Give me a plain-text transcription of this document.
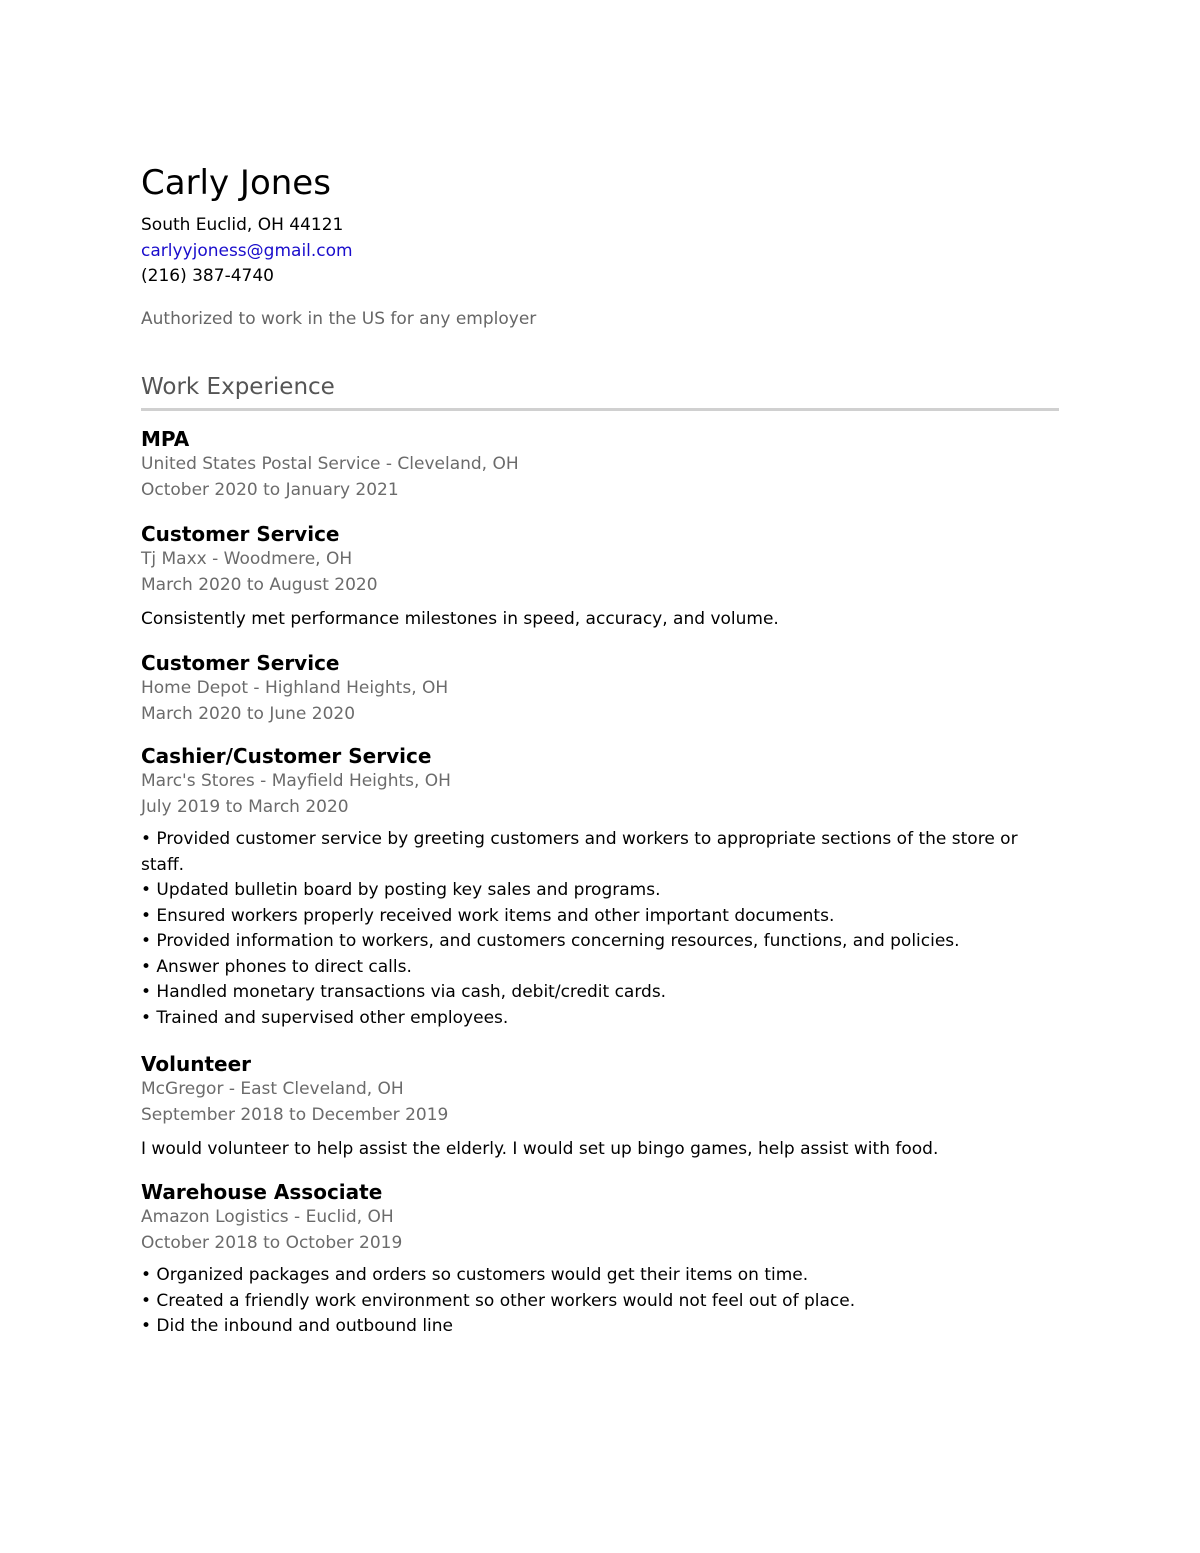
Carly Jones
South Euclid, OH 44121
carlyyjoness@gmail.com
(216) 387-4740
Authorized to work in the US for any employer
Work Experience
MPA
United States Postal Service - Cleveland, OH
October 2020 to January 2021
Customer Service
Tj Maxx - Woodmere, OH
March 2020 to August 2020
Consistently met performance milestones in speed, accuracy, and volume.
Customer Service
Home Depot - Highland Heights, OH
March 2020 to June 2020
Cashier/Customer Service
Marc's Stores - Mayfield Heights, OH
July 2019 to March 2020
• Provided customer service by greeting customers and workers to appropriate sections of the store or staff.
• Updated bulletin board by posting key sales and programs.
• Ensured workers properly received work items and other important documents.
• Provided information to workers, and customers concerning resources, functions, and policies.
• Answer phones to direct calls.
• Handled monetary transactions via cash, debit/credit cards.
• Trained and supervised other employees.
Volunteer
McGregor - East Cleveland, OH
September 2018 to December 2019
I would volunteer to help assist the elderly. I would set up bingo games, help assist with food.
Warehouse Associate
Amazon Logistics - Euclid, OH
October 2018 to October 2019
• Organized packages and orders so customers would get their items on time.
• Created a friendly work environment so other workers would not feel out of place.
• Did the inbound and outbound line
